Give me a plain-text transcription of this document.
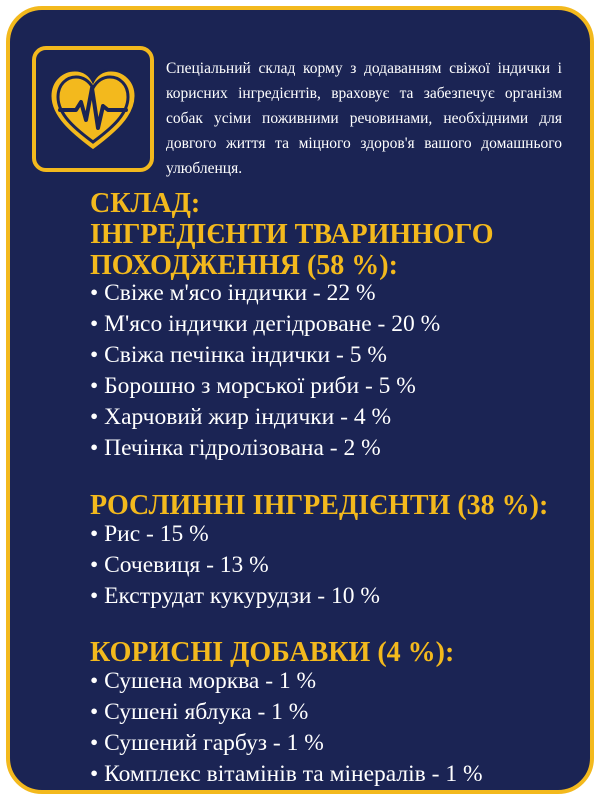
Спеціальний склад корму з додаванням свіжої індички і корисних інгредієнтів, враховує та забезпечує організм собак усіми поживними речовинами, необхідними для довгого життя та міцного здоров'я вашого домашнього улюбленця.

СКЛАД:
ІНГРЕДІЄНТИ ТВАРИННОГО ПОХОДЖЕННЯ (58 %):
• Свіже м'ясо індички - 22 %
• М'ясо індички дегідроване - 20 %
• Свіжа печінка індички - 5 %
• Борошно з морської риби - 5 %
• Харчовий жир індички - 4 %
• Печінка гідролізована - 2 %
РОСЛИННІ ІНГРЕДІЄНТИ (38 %):
• Рис - 15 %
• Сочевиця - 13 %
• Екструдат кукурудзи - 10 %
КОРИСНІ ДОБАВКИ (4 %):
• Сушена морква - 1 %
• Сушені яблука - 1 %
• Сушений гарбуз - 1 %
• Комплекс вітамінів та мінералів - 1 %
